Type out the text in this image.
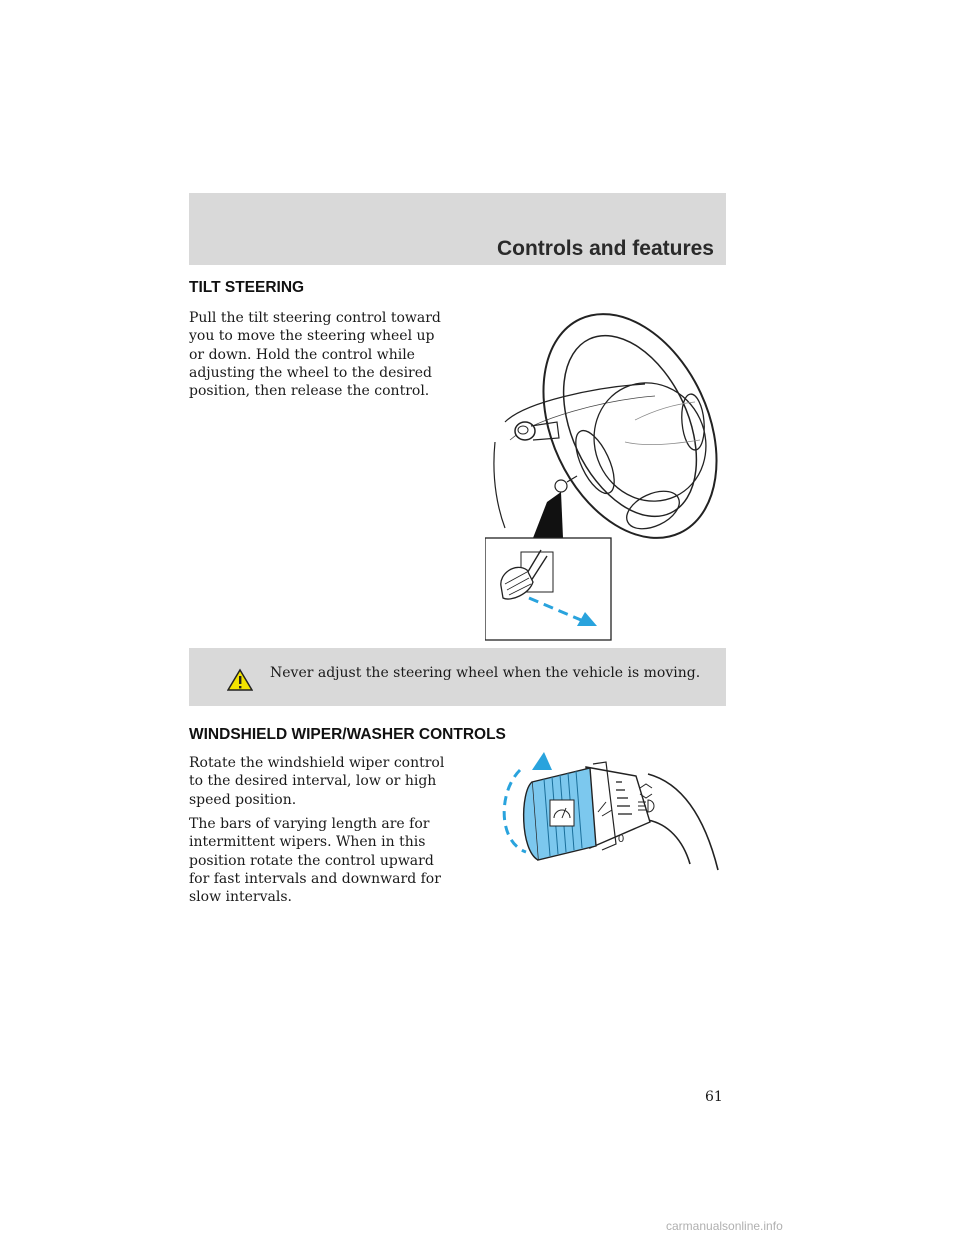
Controls and features
TILT STEERING

Pull the tilt steering control toward
you to move the steering wheel up
or down. Hold the control while
adjusting the wheel to the desired
position, then release the control.

Never adjust the steering wheel when the vehicle is moving.
WINDSHIELD WIPER/WASHER CONTROLS

Rotate the windshield wiper control
to the desired interval, low or high
speed position.

The bars of varying length are for
intermittent wipers. When in this
position rotate the control upward
for fast intervals and downward for
slow intervals.

0
61
carmanualsonline.info
